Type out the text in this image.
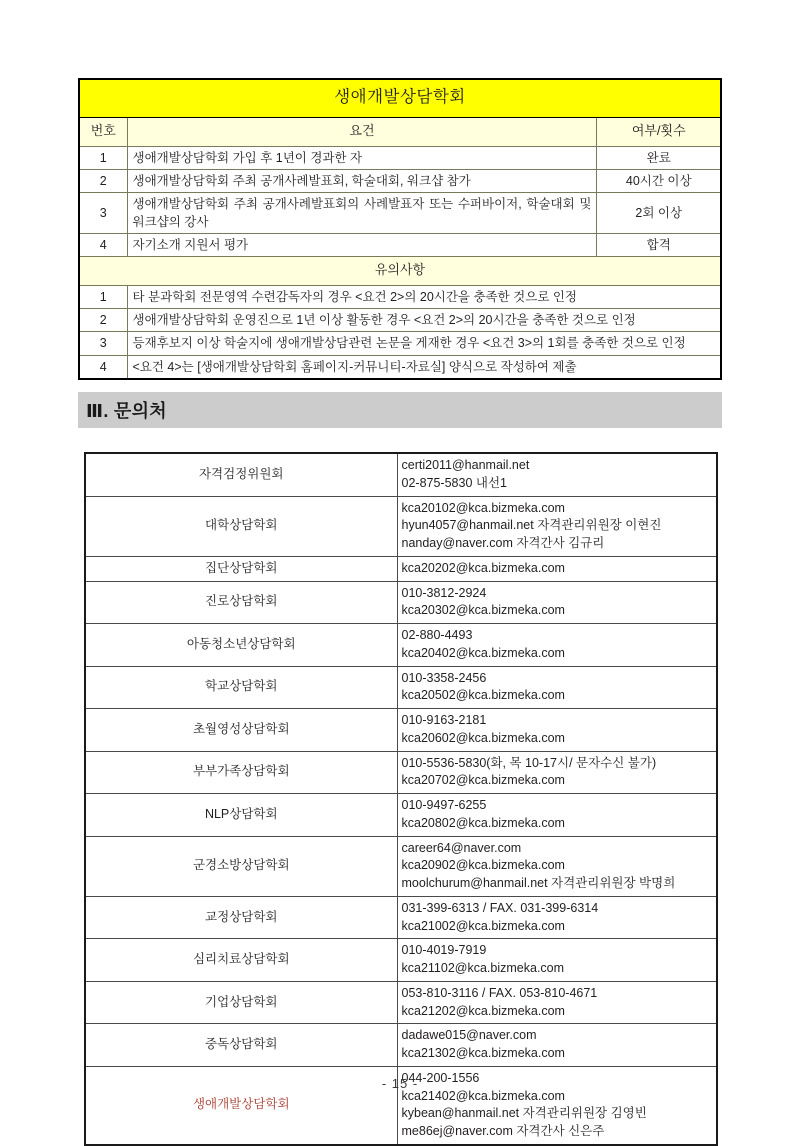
생애개발상담학회		
번호	요건	여부/횟수
1	생애개발상담학회 가입 후 1년이 경과한 자	완료
2	생애개발상담학회 주최 공개사례발표회, 학술대회, 워크샵 참가	40시간 이상
3	생애개발상담학회 주최 공개사례발표회의 사례발표자 또는 수퍼바이저, 학술대회 및 워크샵의 강사	2회 이상
4	자기소개 지원서 평가	합격
유의사항		
1	타 분과학회 전문영역 수련감독자의 경우 <요건 2>의 20시간을 충족한 것으로 인정	
2	생애개발상담학회 운영진으로 1년 이상 활동한 경우 <요건 2>의 20시간을 충족한 것으로 인정	
3	등재후보지 이상 학술지에 생애개발상담관련 논문을 게재한 경우 <요건 3>의 1회를 충족한 것으로 인정	
4	<요건 4>는 [생애개발상담학회 홈페이지-커뮤니티-자료실] 양식으로 작성하여 제출	
Ⅲ. 문의처
자격검정위원회	certi2011@hanmail.net
02-875-5830 내선1

대학상담학회	kca20102@kca.bizmeka.com
hyun4057@hanmail.net 자격관리위원장 이현진
nanday@naver.com 자격간사 김규리

집단상담학회	kca20202@kca.bizmeka.com

진로상담학회	010-3812-2924
kca20302@kca.bizmeka.com

아동청소년상담학회	02-880-4493
kca20402@kca.bizmeka.com

학교상담학회	010-3358-2456
kca20502@kca.bizmeka.com

초월영성상담학회	010-9163-2181
kca20602@kca.bizmeka.com

부부가족상담학회	010-5536-5830(화, 목 10-17시/ 문자수신 불가)
kca20702@kca.bizmeka.com

NLP상담학회	010-9497-6255
kca20802@kca.bizmeka.com

군경소방상담학회	career64@naver.com
kca20902@kca.bizmeka.com
moolchurum@hanmail.net 자격관리위원장 박명희

교정상담학회	031-399-6313 / FAX. 031-399-6314
kca21002@kca.bizmeka.com

심리치료상담학회	010-4019-7919
kca21102@kca.bizmeka.com

기업상담학회	053-810-3116 / FAX. 053-810-4671
kca21202@kca.bizmeka.com

중독상담학회	dadawe015@naver.com
kca21302@kca.bizmeka.com

생애개발상담학회	044-200-1556
kca21402@kca.bizmeka.com
kybean@hanmail.net 자격관리위원장 김영빈
me86ej@naver.com 자격간사 신은주
- 15 -
